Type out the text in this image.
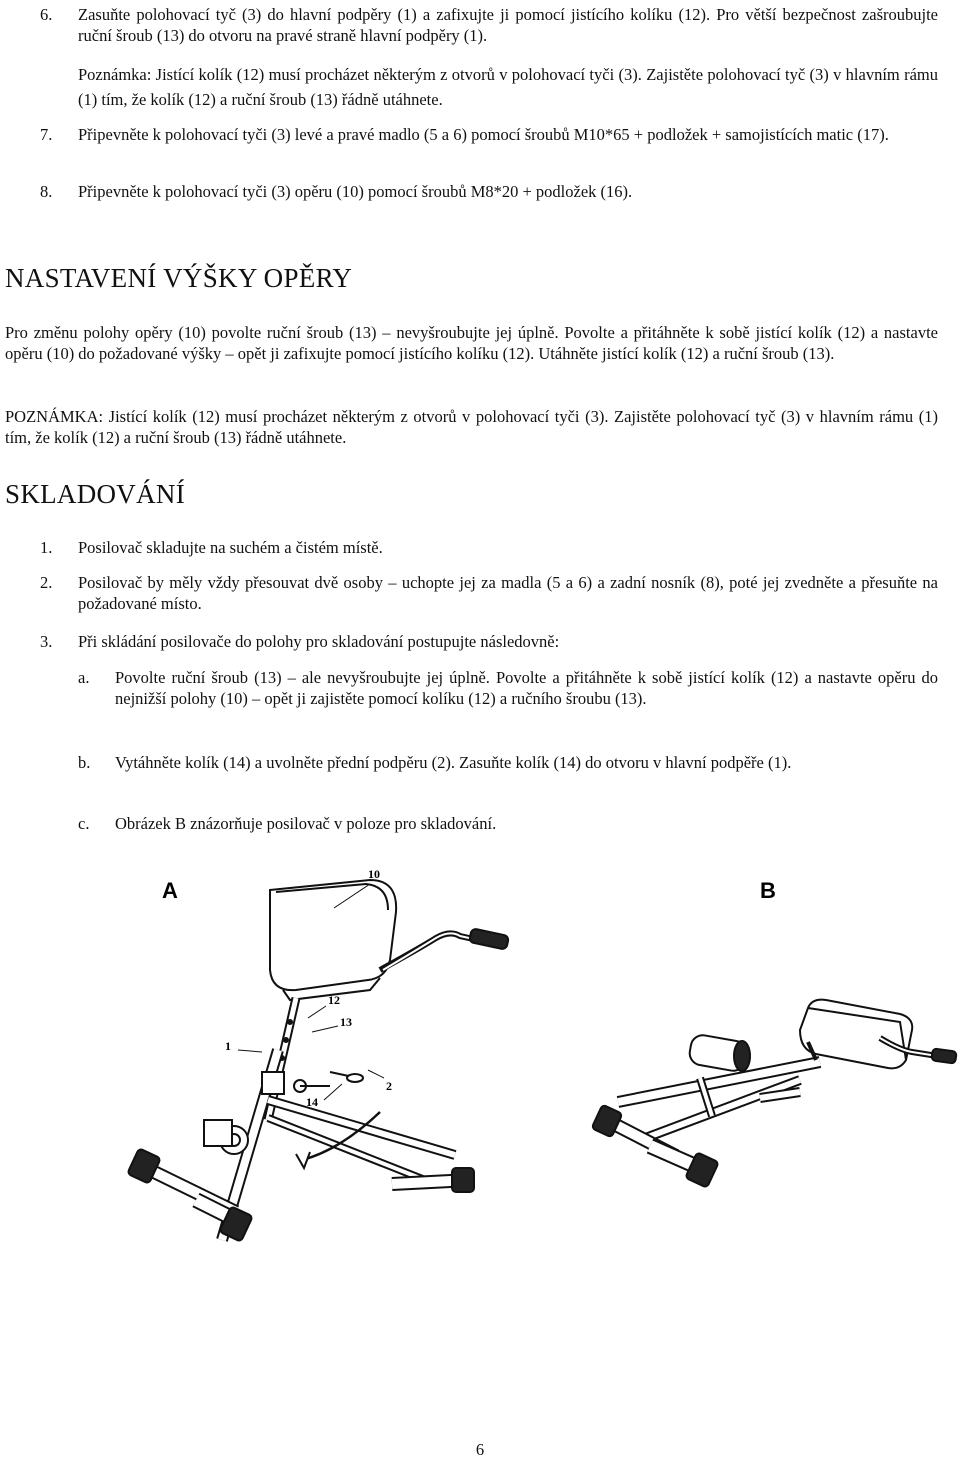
6. Zasuňte polohovací tyč (3) do hlavní podpěry (1) a zafixujte ji pomocí jistícího kolíku (12). Pro větší bezpečnost zašroubujte ruční šroub (13) do otvoru na pravé straně hlavní podpěry (1).
Poznámka: Jistící kolík (12) musí procházet některým z otvorů v polohovací tyči (3). Zajistěte polohovací tyč (3) v hlavním rámu (1) tím, že kolík (12) a ruční šroub (13) řádně utáhnete.
7. Připevněte k polohovací tyči (3) levé a pravé madlo (5 a 6) pomocí šroubů M10*65 + podložek + samojistících matic (17).
8. Připevněte k polohovací tyči (3) opěru (10) pomocí šroubů M8*20 + podložek (16).
NASTAVENÍ VÝŠKY OPĚRY
Pro změnu polohy opěry (10) povolte ruční šroub (13) – nevyšroubujte jej úplně. Povolte a přitáhněte k sobě jistící kolík (12) a nastavte opěru (10) do požadované výšky – opět ji zafixujte pomocí jistícího kolíku (12). Utáhněte jistící kolík (12) a ruční šroub (13).
POZNÁMKA: Jistící kolík (12) musí procházet některým z otvorů v polohovací tyči (3). Zajistěte polohovací tyč (3) v hlavním rámu (1) tím, že kolík (12) a ruční šroub (13) řádně utáhnete.
SKLADOVÁNÍ
1. Posilovač skladujte na suchém a čistém místě.
2. Posilovač by měly vždy přesouvat dvě osoby – uchopte jej za madla (5 a 6) a zadní nosník (8), poté jej zvedněte a přesuňte na požadované místo.
3. Při skládání posilovače do polohy pro skladování postupujte následovně:
a. Povolte ruční šroub (13) – ale nevyšroubujte jej úplně. Povolte a přitáhněte k sobě jistící kolík (12) a nastavte opěru do nejnižší polohy (10) – opět ji zajistěte pomocí kolíku (12) a ručního šroubu (13).
b. Vytáhněte kolík (14) a uvolněte přední podpěru (2). Zasuňte kolík (14) do otvoru v hlavní podpěře (1).
c. Obrázek B znázorňuje posilovač v poloze pro skladování.
A	B
10
12
13
1
2
14
6
